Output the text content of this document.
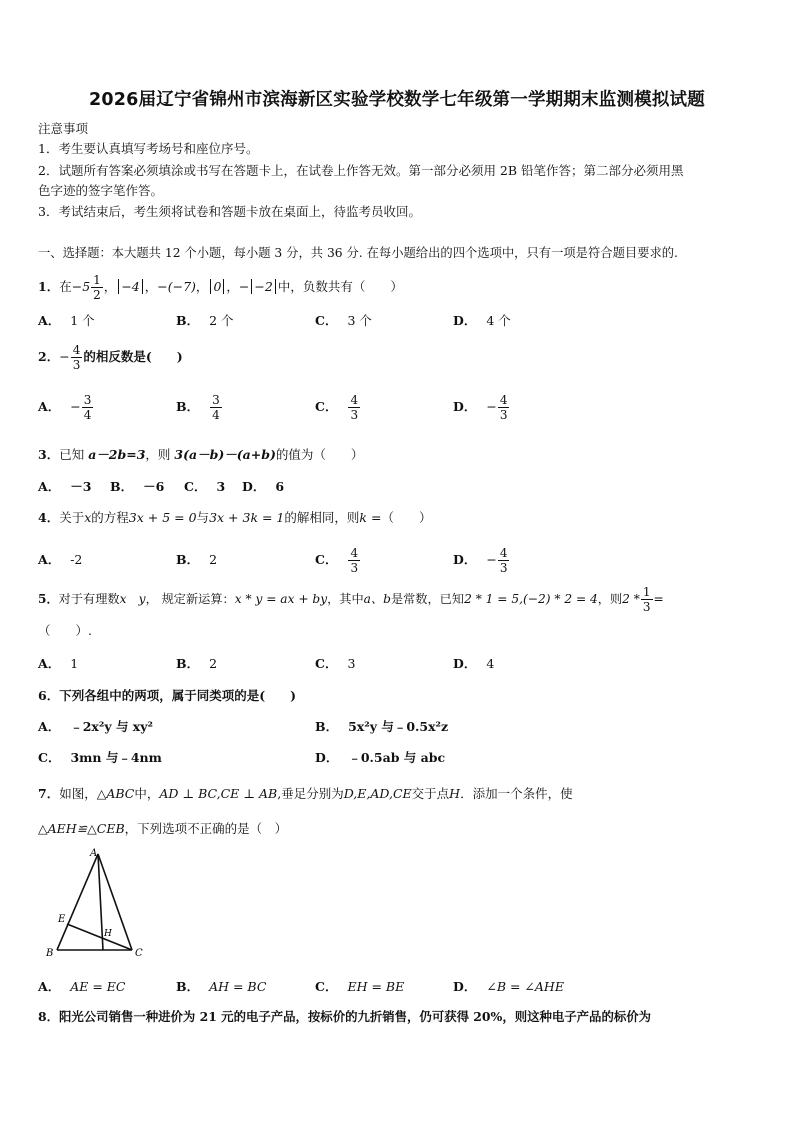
2026届辽宁省锦州市滨海新区实验学校数学七年级第一学期期末监测模拟试题
注意事项
1．考生要认真填写考场号和座位序号。
2．试题所有答案必须填涂或书写在答题卡上，在试卷上作答无效。第一部分必须用 2B 铅笔作答；第二部分必须用黑
色字迹的签字笔作答。
3．考试结束后，考生须将试卷和答题卡放在桌面上，待监考员收回。
一、选择题：本大题共 12 个小题，每小题 3 分，共 36 分. 在每小题给出的四个选项中，只有一项是符合题目要求的.
1．在$-5 \frac{1}{2}$ ， −4 ，−(−7)， 0 ，− −2 中，负数共有（　　）
A． 1 个	B． 2 个	C． 3 个	D． 4 个
2．− $\frac{4}{3}$ 的相反数是(　　)
A． − $\frac{3}{4}$	B． $\frac{3}{4}$	C． $\frac{4}{3}$	D． − $\frac{4}{3}$
3．已知 a－2b=3，则 3(a－b)－(a+b)的值为（　　）
A． －3 B． －6 C． 3 D． 6
4．关于x的方程3x + 5 = 0与3x + 3k = 1的解相同，则k =（　　）
A． -2	B． 2	C． $\frac{4}{3}$	D． − $\frac{4}{3}$
5．对于有理数x　y， 规定新运算：x * y = ax + by，其中a、b是常数，已知2 * 1 = 5,(−2) * 2 = 4，则$2 * \frac{1}{3}$ =
（　　）.
A． 1	B． 2	C． 3	D． 4
6．下列各组中的两项，属于同类项的是(　　)
A． ﹣2x²y 与 xy²	B． 5x²y 与﹣0.5x²z
C． 3mn 与﹣4nm	D． ﹣0.5ab 与 abc
7．如图，△ABC中，AD ⊥ BC,CE ⊥ AB,垂足分别为D,E,AD,CE交于点H．添加一个条件，使
△AEH≌△CEB，下列选项不正确的是（　）
A
B	C
E
H
A． AE = EC	B． AH = BC	C． EH = BE	D． ∠B = ∠AHE
8．阳光公司销售一种进价为 21 元的电子产品，按标价的九折销售，仍可获得 20%，则这种电子产品的标价为
